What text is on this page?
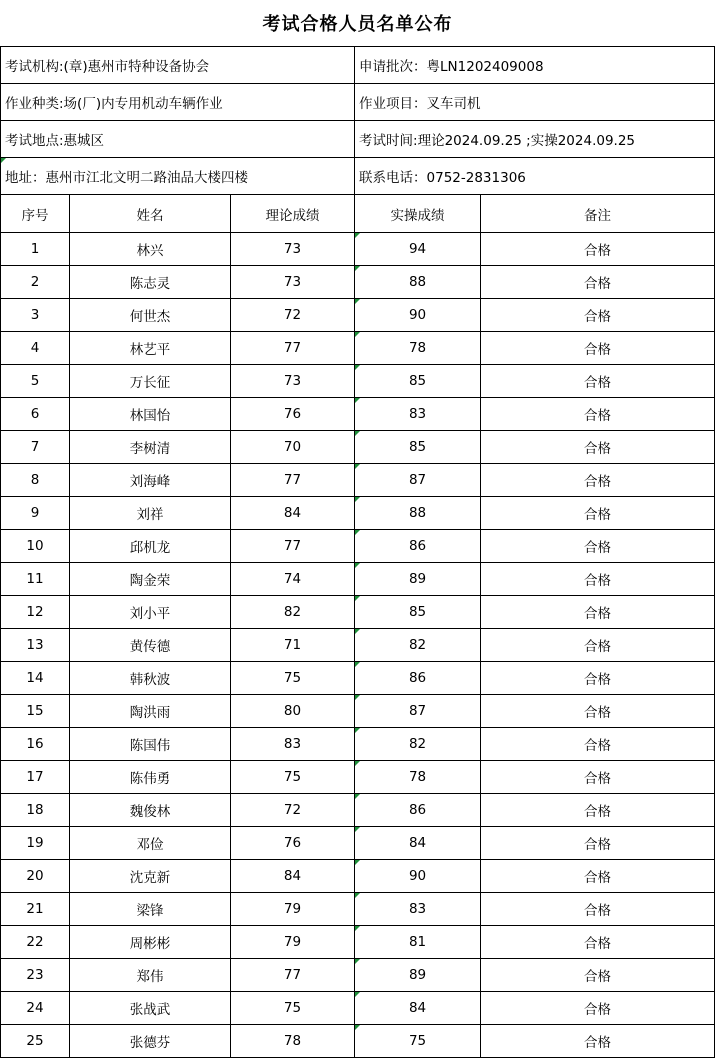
考试合格人员名单公布
考试机构:(章)惠州市特种设备协会			申请批次：粤LN1202409008	
作业种类:场(厂)内专用机动车辆作业			作业项目：叉车司机	
考试地点:惠城区			考试时间:理论2024.09.25 ;实操2024.09.25	
地址：惠州市江北文明二路油品大楼四楼			联系电话：0752-2831306	
序号	姓名	理论成绩	实操成绩	备注
1	林兴	73	94	合格
2	陈志灵	73	88	合格
3	何世杰	72	90	合格
4	林艺平	77	78	合格
5	万长征	73	85	合格
6	林国怡	76	83	合格
7	李树清	70	85	合格
8	刘海峰	77	87	合格
9	刘祥	84	88	合格
10	邱机龙	77	86	合格
11	陶金荣	74	89	合格
12	刘小平	82	85	合格
13	黄传德	71	82	合格
14	韩秋波	75	86	合格
15	陶洪雨	80	87	合格
16	陈国伟	83	82	合格
17	陈伟勇	75	78	合格
18	魏俊林	72	86	合格
19	邓俭	76	84	合格
20	沈克新	84	90	合格
21	梁锋	79	83	合格
22	周彬彬	79	81	合格
23	郑伟	77	89	合格
24	张战武	75	84	合格
25	张德芬	78	75	合格
